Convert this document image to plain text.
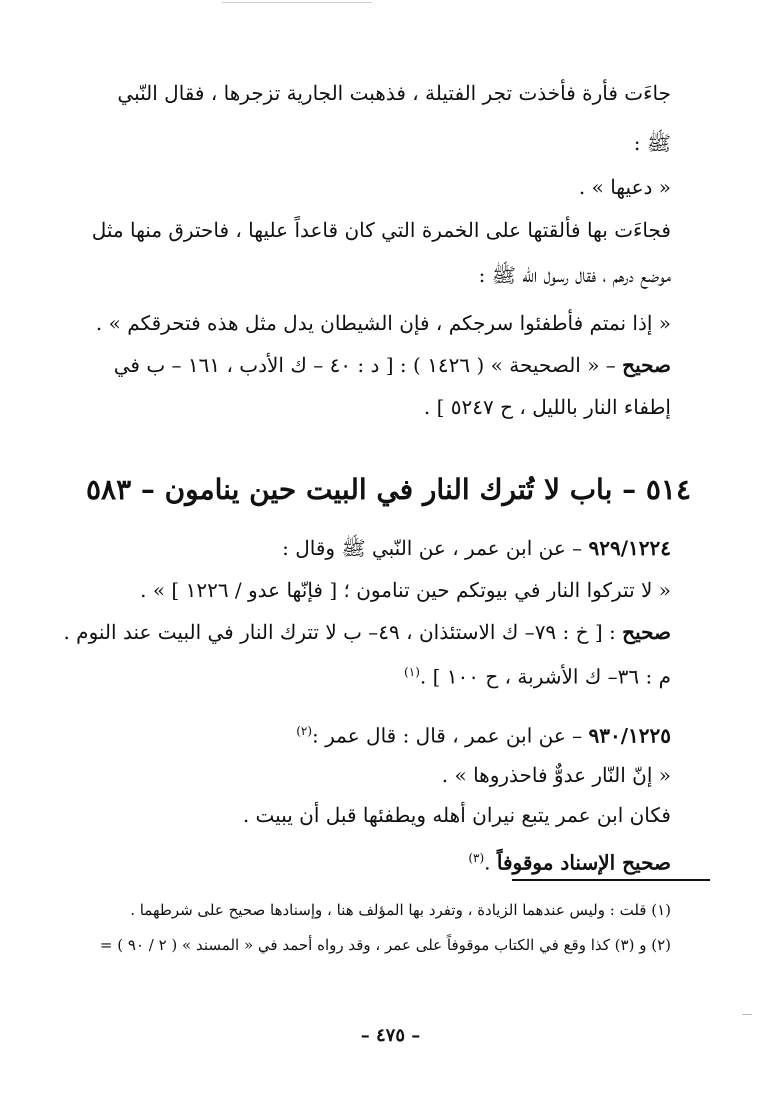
جاءَت فأرة فأخذت تجر الفتيلة ، فذهبت الجارية تزجرها ، فقال النّبي
ﷺ :
« دعيها » .
فجاءَت بها فألقتها على الخمرة التي كان قاعداً عليها ، فاحترق منها مثل
موضع درهم ، فقال رسول اللّه ﷺ :
« إذا نمتم فأطفئوا سرجكم ، فإن الشيطان يدل مثل هذه فتحرقكم » .
صحيح – « الصحيحة » ( ١٤٢٦ ) : [ د : ٤٠ – ك الأدب ، ١٦١ – ب في
إطفاء النار بالليل ، ح ٥٢٤٧ ] .
٥١٤ – باب لا تُترك النار في البيت حين ينامون – ٥٨٣
٩٢٩/١٢٢٤ – عن ابن عمر ، عن النّبي ﷺ وقال :
« لا تتركوا النار في بيوتكم حين تنامون ؛ [ فإنّها عدو / ١٢٢٦ ] » .
صحيح : [ خ : ٧٩– ك الاستئذان ، ٤٩– ب لا تترك النار في البيت عند النوم .
م : ٣٦– ك الأشربة ، ح ١٠٠ ] .$^{(١)}$
٩٣٠/١٢٢٥ – عن ابن عمر ، قال : قال عمر :$^{(٢)}$
« إنّ النّار عدوٌّ فاحذروها » .
فكان ابن عمر يتبع نيران أهله ويطفئها قبل أن يبيت .
صحيح الإسناد موقوفاً .$^{(٣)}$
(١) قلت : وليس عندهما الزيادة ، وتفرد بها المؤلف هنا ، وإسنادها صحيح على شرطهما .
(٢) و (٣) كذا وقع في الكتاب موقوفاً على عمر ، وقد رواه أحمد في « المسند » ( ٢ / ٩٠ ) =
– ٤٧٥ –
